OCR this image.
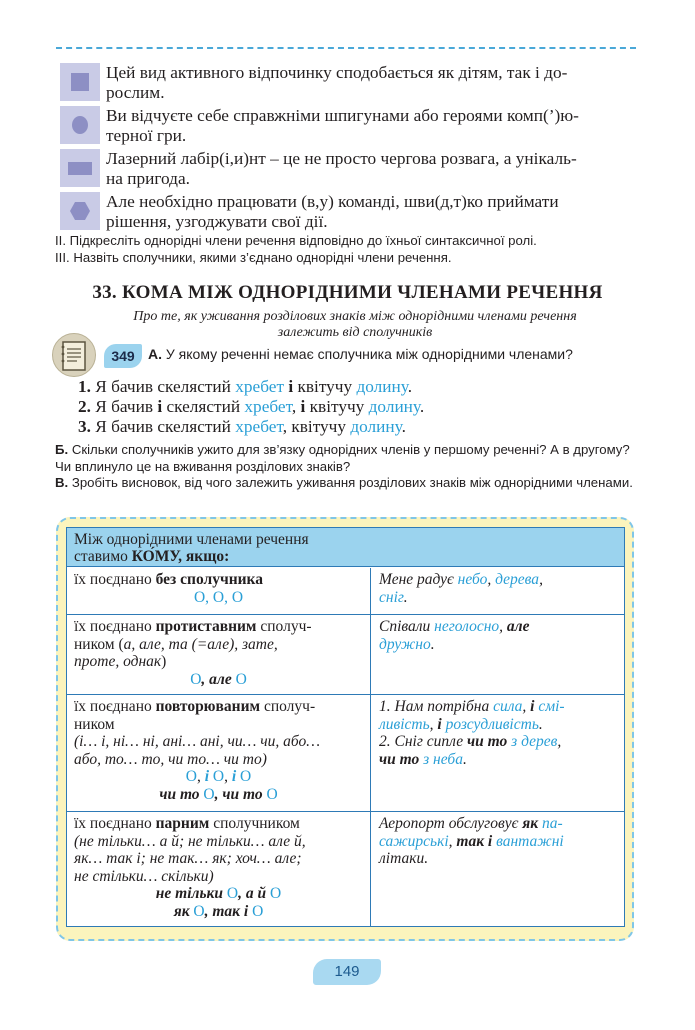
Цей вид активного відпочинку сподобається як дітям, так і до-
рослим.
Ви відчуєте себе справжніми шпигунами або героями комп(’)ю-
терної гри.
Лазерний лабір(і,и)нт – це не просто чергова розвага, а унікаль-
на пригода.
Але необхідно працювати (в,у) команді, шви(д,т)ко приймати
рішення, узгоджувати свої дії.
II. Підкресліть однорідні члени речення відповідно до їхньої синтаксичної ролі.
III. Назвіть сполучники, якими з’єднано однорідні члени речення.
33. КОМА МІЖ ОДНОРІДНИМИ ЧЛЕНАМИ РЕЧЕННЯ
Про те, як уживання розділових знаків між однорідними членами речення
залежить від сполучників
349 А. У якому реченні немає сполучника між однорідними членами?
1. Я бачив скелястий хребет і квітучу долину.
2. Я бачив і скелястий хребет, і квітучу долину.
3. Я бачив скелястий хребет, квітучу долину.
Б. Скільки сполучників ужито для зв’язку однорідних членів у першому реченні? А в другому? Чи вплинуло це на вживання розділових знаків?
В. Зробіть висновок, від чого залежить уживання розділових знаків між однорідними членами.
Між однорідними членами речення
ставимо КО́МУ, якщо:
їх поєднано без сполучника

О, О, О
Мене радує небо, дерева,
сніг.
їх поєднано протиставним сполуч-
ником (а, але, та (=але), зате,
проте, однак)
О, але О
Співали неголосно, але
дружно.
їх поєднано повторюваним сполуч-
ником
(і… і, ні… ні, ані… ані, чи… чи, або…
або, то… то, чи то… чи то)
О, і О, і О
чи то О, чи то О
1. Нам потрібна сила, і смі-
ливість, і розсудливість.
2. Сніг сипле чи то з дерев,
чи то з неба.
їх поєднано парним сполучником
(не тільки… а й; не тільки… але й,
як… так і; не так… як; хоч… але;
не стільки… скільки)
не тільки О, а й О
як О, так і О
Аеропорт обслуговує як па-
сажирські, так і вантажні
літаки.
149
